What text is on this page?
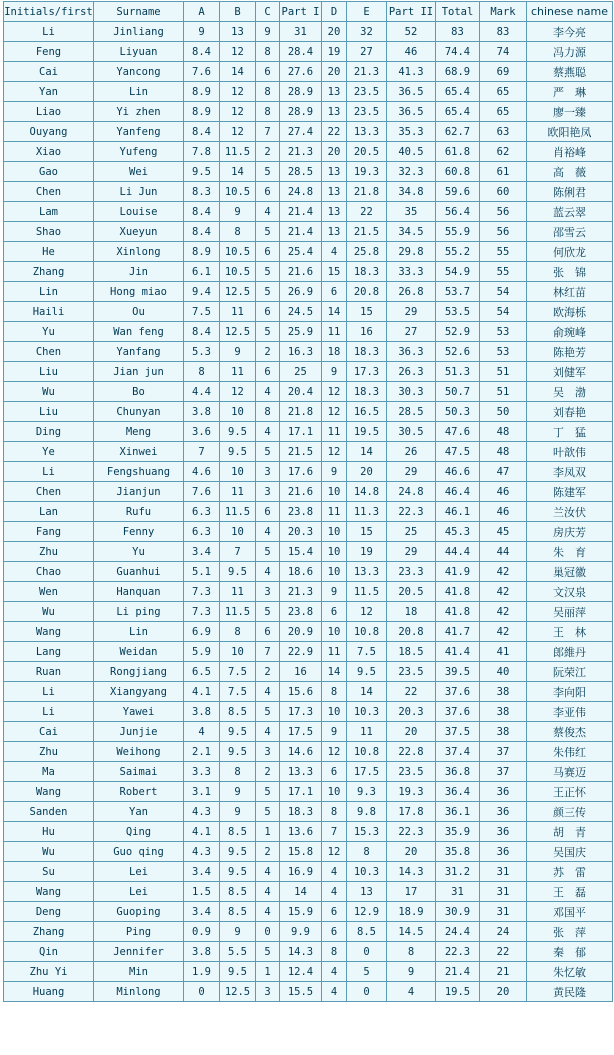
Initials/first	Surname	A	B	C	Part I	D	E	Part II	Total	Mark	chinese name
Li	Jinliang	9	13	9	31	20	32	52	83	83	李今亮
Feng	Liyuan	8.4	12	8	28.4	19	27	46	74.4	74	冯力源
Cai	Yancong	7.6	14	6	27.6	20	21.3	41.3	68.9	69	蔡燕聪
Yan	Lin	8.9	12	8	28.9	13	23.5	36.5	65.4	65	严　琳
Liao	Yi zhen	8.9	12	8	28.9	13	23.5	36.5	65.4	65	廖一臻
Ouyang	Yanfeng	8.4	12	7	27.4	22	13.3	35.3	62.7	63	欧阳艳凤
Xiao	Yufeng	7.8	11.5	2	21.3	20	20.5	40.5	61.8	62	肖裕峰
Gao	Wei	9.5	14	5	28.5	13	19.3	32.3	60.8	61	高　薇
Chen	Li Jun	8.3	10.5	6	24.8	13	21.8	34.8	59.6	60	陈俐君
Lam	Louise	8.4	9	4	21.4	13	22	35	56.4	56	蓝云翠
Shao	Xueyun	8.4	8	5	21.4	13	21.5	34.5	55.9	56	邵雪云
He	Xinlong	8.9	10.5	6	25.4	4	25.8	29.8	55.2	55	何欣龙
Zhang	Jin	6.1	10.5	5	21.6	15	18.3	33.3	54.9	55	张　锦
Lin	Hong miao	9.4	12.5	5	26.9	6	20.8	26.8	53.7	54	林红苗
Haili	Ou	7.5	11	6	24.5	14	15	29	53.5	54	欧海栎
Yu	Wan feng	8.4	12.5	5	25.9	11	16	27	52.9	53	俞琬峰
Chen	Yanfang	5.3	9	2	16.3	18	18.3	36.3	52.6	53	陈艳芳
Liu	Jian jun	8	11	6	25	9	17.3	26.3	51.3	51	刘健军
Wu	Bo	4.4	12	4	20.4	12	18.3	30.3	50.7	51	吴　渤
Liu	Chunyan	3.8	10	8	21.8	12	16.5	28.5	50.3	50	刘春艳
Ding	Meng	3.6	9.5	4	17.1	11	19.5	30.5	47.6	48	丁　猛
Ye	Xinwei	7	9.5	5	21.5	12	14	26	47.5	48	叶歆伟
Li	Fengshuang	4.6	10	3	17.6	9	20	29	46.6	47	李凤双
Chen	Jianjun	7.6	11	3	21.6	10	14.8	24.8	46.4	46	陈建军
Lan	Rufu	6.3	11.5	6	23.8	11	11.3	22.3	46.1	46	兰汝伏
Fang	Fenny	6.3	10	4	20.3	10	15	25	45.3	45	房庆芳
Zhu	Yu	3.4	7	5	15.4	10	19	29	44.4	44	朱　育
Chao	Guanhui	5.1	9.5	4	18.6	10	13.3	23.3	41.9	42	巢冠徽
Wen	Hanquan	7.3	11	3	21.3	9	11.5	20.5	41.8	42	文汉泉
Wu	Li ping	7.3	11.5	5	23.8	6	12	18	41.8	42	吴丽萍
Wang	Lin	6.9	8	6	20.9	10	10.8	20.8	41.7	42	王　林
Lang	Weidan	5.9	10	7	22.9	11	7.5	18.5	41.4	41	郎維丹
Ruan	Rongjiang	6.5	7.5	2	16	14	9.5	23.5	39.5	40	阮荣江
Li	Xiangyang	4.1	7.5	4	15.6	8	14	22	37.6	38	李向阳
Li	Yawei	3.8	8.5	5	17.3	10	10.3	20.3	37.6	38	李亚伟
Cai	Junjie	4	9.5	4	17.5	9	11	20	37.5	38	蔡俊杰
Zhu	Weihong	2.1	9.5	3	14.6	12	10.8	22.8	37.4	37	朱伟红
Ma	Saimai	3.3	8	2	13.3	6	17.5	23.5	36.8	37	马赛迈
Wang	Robert	3.1	9	5	17.1	10	9.3	19.3	36.4	36	王正怀
Sanden	Yan	4.3	9	5	18.3	8	9.8	17.8	36.1	36	颜三传
Hu	Qing	4.1	8.5	1	13.6	7	15.3	22.3	35.9	36	胡　青
Wu	Guo qing	4.3	9.5	2	15.8	12	8	20	35.8	36	吴国庆
Su	Lei	3.4	9.5	4	16.9	4	10.3	14.3	31.2	31	苏　雷
Wang	Lei	1.5	8.5	4	14	4	13	17	31	31	王　磊
Deng	Guoping	3.4	8.5	4	15.9	6	12.9	18.9	30.9	31	邓国平
Zhang	Ping	0.9	9	0	9.9	6	8.5	14.5	24.4	24	张　萍
Qin	Jennifer	3.8	5.5	5	14.3	8	0	8	22.3	22	秦　郁
Zhu Yi	Min	1.9	9.5	1	12.4	4	5	9	21.4	21	朱忆敏
Huang	Minlong	0	12.5	3	15.5	4	0	4	19.5	20	黄民隆
